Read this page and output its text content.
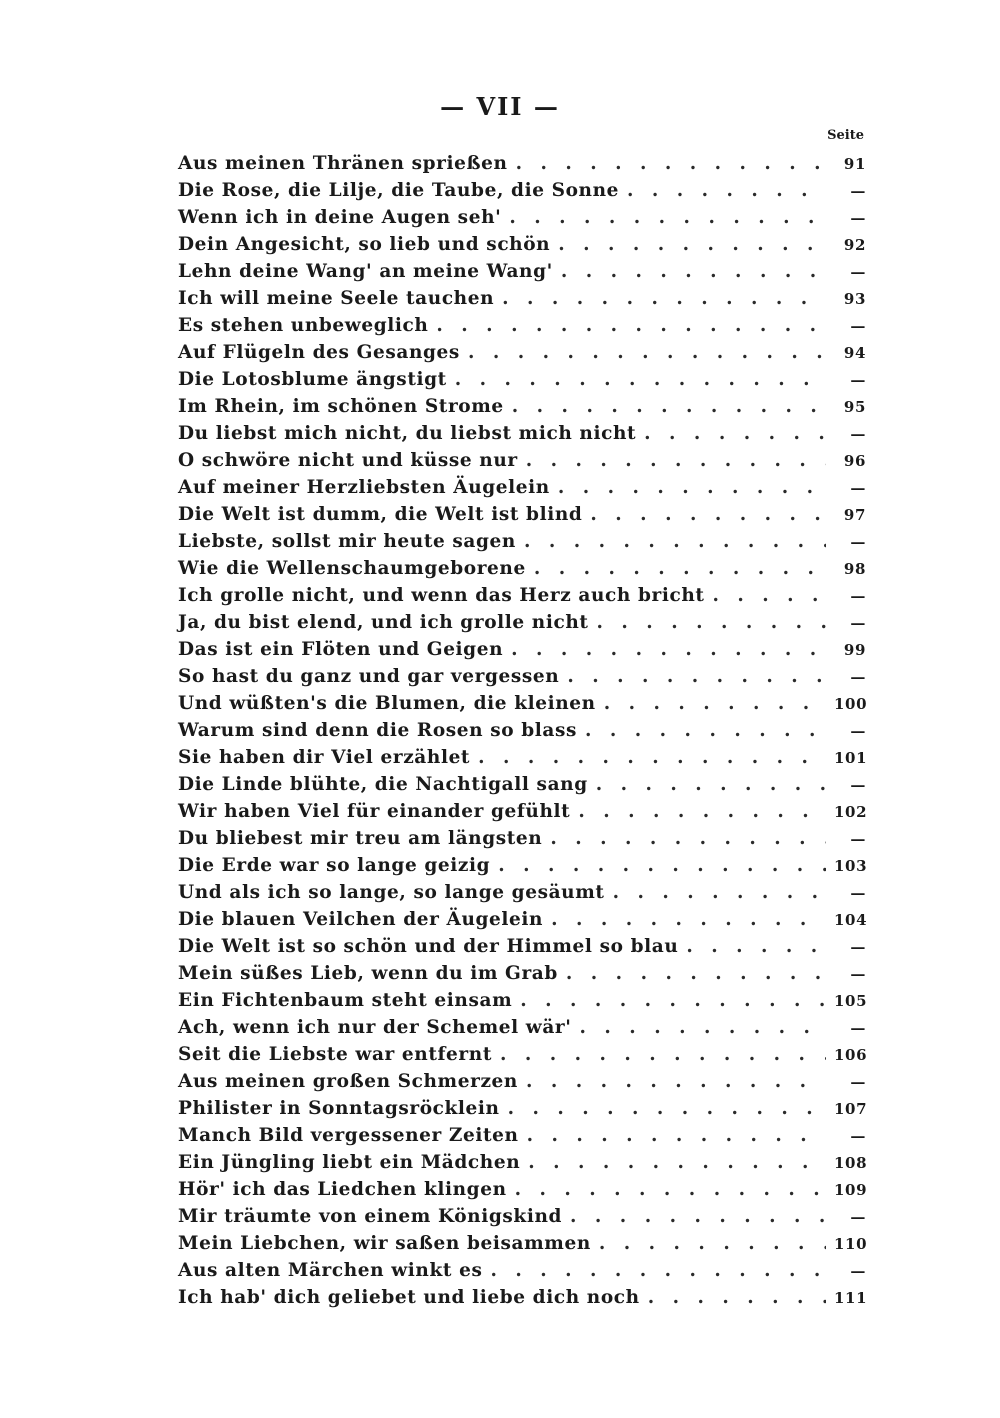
— VII —
Seite
Aus meinen Thränen sprießen . . .	91
Die Rose, die Lilje, die Taube, die Sonne . . .	—
Wenn ich in deine Augen seh' . . .	—
Dein Angesicht, so lieb und schön . . .	92
Lehn deine Wang' an meine Wang' . . .	—
Ich will meine Seele tauchen . . .	93
Es stehen unbeweglich . . .	—
Auf Flügeln des Gesanges . . .	94
Die Lotosblume ängstigt . . .	—
Im Rhein, im schönen Strome . . .	95
Du liebst mich nicht, du liebst mich nicht . . .	—
O schwöre nicht und küsse nur . . .	96
Auf meiner Herzliebsten Äugelein . . .	—
Die Welt ist dumm, die Welt ist blind . . .	97
Liebste, sollst mir heute sagen . . .	—
Wie die Wellenschaumgeborene . . .	98
Ich grolle nicht, und wenn das Herz auch bricht . . .	—
Ja, du bist elend, und ich grolle nicht . . .	—
Das ist ein Flöten und Geigen . . .	99
So hast du ganz und gar vergessen . . .	—
Und wüßten's die Blumen, die kleinen . . .	100
Warum sind denn die Rosen so blass . . .	—
Sie haben dir Viel erzählet . . .	101
Die Linde blühte, die Nachtigall sang . . .	—
Wir haben Viel für einander gefühlt . . .	102
Du bliebest mir treu am längsten . . .	—
Die Erde war so lange geizig . . .	103
Und als ich so lange, so lange gesäumt . . .	—
Die blauen Veilchen der Äugelein . . .	104
Die Welt ist so schön und der Himmel so blau . . .	—
Mein süßes Lieb, wenn du im Grab . . .	—
Ein Fichtenbaum steht einsam . . .	105
Ach, wenn ich nur der Schemel wär' . . .	—
Seit die Liebste war entfernt . . .	106
Aus meinen großen Schmerzen . . .	—
Philister in Sonntagsröcklein . . .	107
Manch Bild vergessener Zeiten . . .	—
Ein Jüngling liebt ein Mädchen . . .	108
Hör' ich das Liedchen klingen . . .	109
Mir träumte von einem Königskind . . .	—
Mein Liebchen, wir saßen beisammen . . .	110
Aus alten Märchen winkt es . . .	—
Ich hab' dich geliebet und liebe dich noch . . .	111
